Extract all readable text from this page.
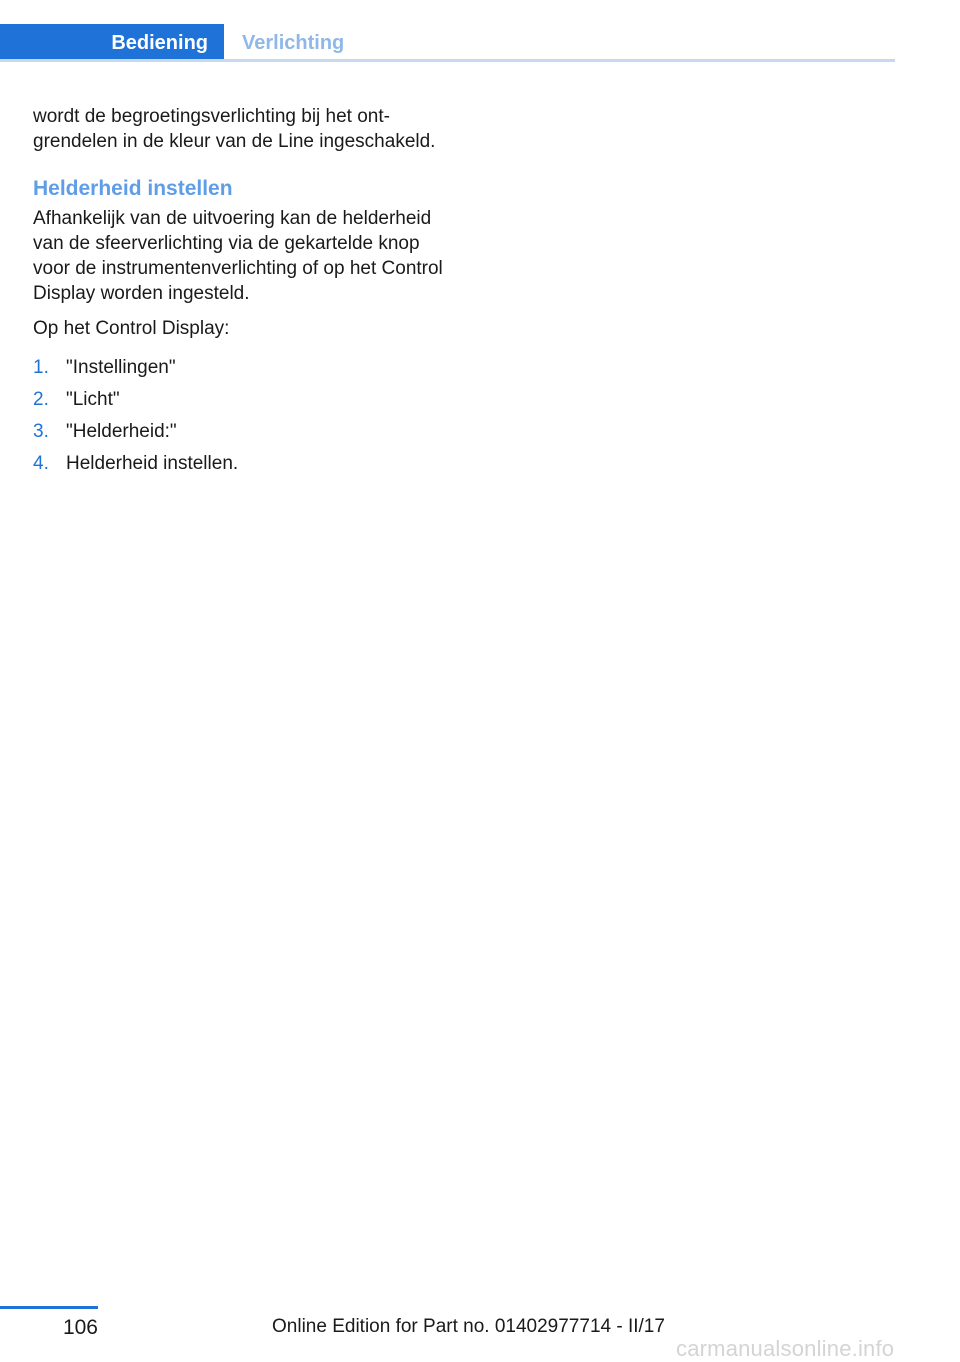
Bediening	Verlichting

wordt de begroetingsverlichting bij het ontgrendelen in de kleur van de Line ingeschakeld.

Helderheid instellen

Afhankelijk van de uitvoering kan de helderheid van de sfeerverlichting via de gekartelde knop voor de instrumentenverlichting of op het Control Display worden ingesteld.

Op het Control Display:

1. "Instellingen"
2. "Licht"
3. "Helderheid:"
4. Helderheid instellen.
106	Online Edition for Part no. 01402977714 - II/17
carmanualsonline.info
